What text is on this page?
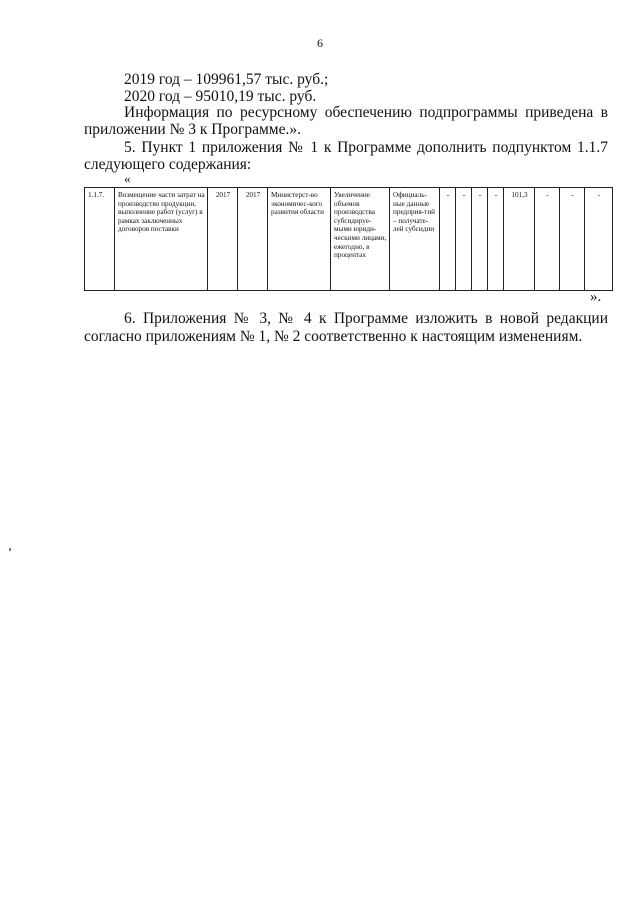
6
2019 год – 109961,57 тыс. руб.;
2020 год – 95010,19 тыс. руб.
Информация по ресурсному обеспечению подпрограммы приведена в
приложении № 3 к Программе.».
5. Пункт 1 приложения № 1 к Программе дополнить подпунктом 1.1.7
следующего содержания:
«
1.1.7.	Возмещение части затрат на производство продукции, выполнение работ (услуг) в рамках заключенных договоров поставки	2017	2017	Министерст-во экономичес-кого развития области	Увеличение объемов производства субсидируе-мыми юриди-ческими лицами, ежегодно, в процентах	Официаль-ные данные предприя-тий – получате-лей субсидии	-	-	-	-	101,3	-	-	-
».
6. Приложения № 3, № 4 к Программе изложить в новой редакции
согласно приложениям № 1, № 2 соответственно к настоящим изменениям.
